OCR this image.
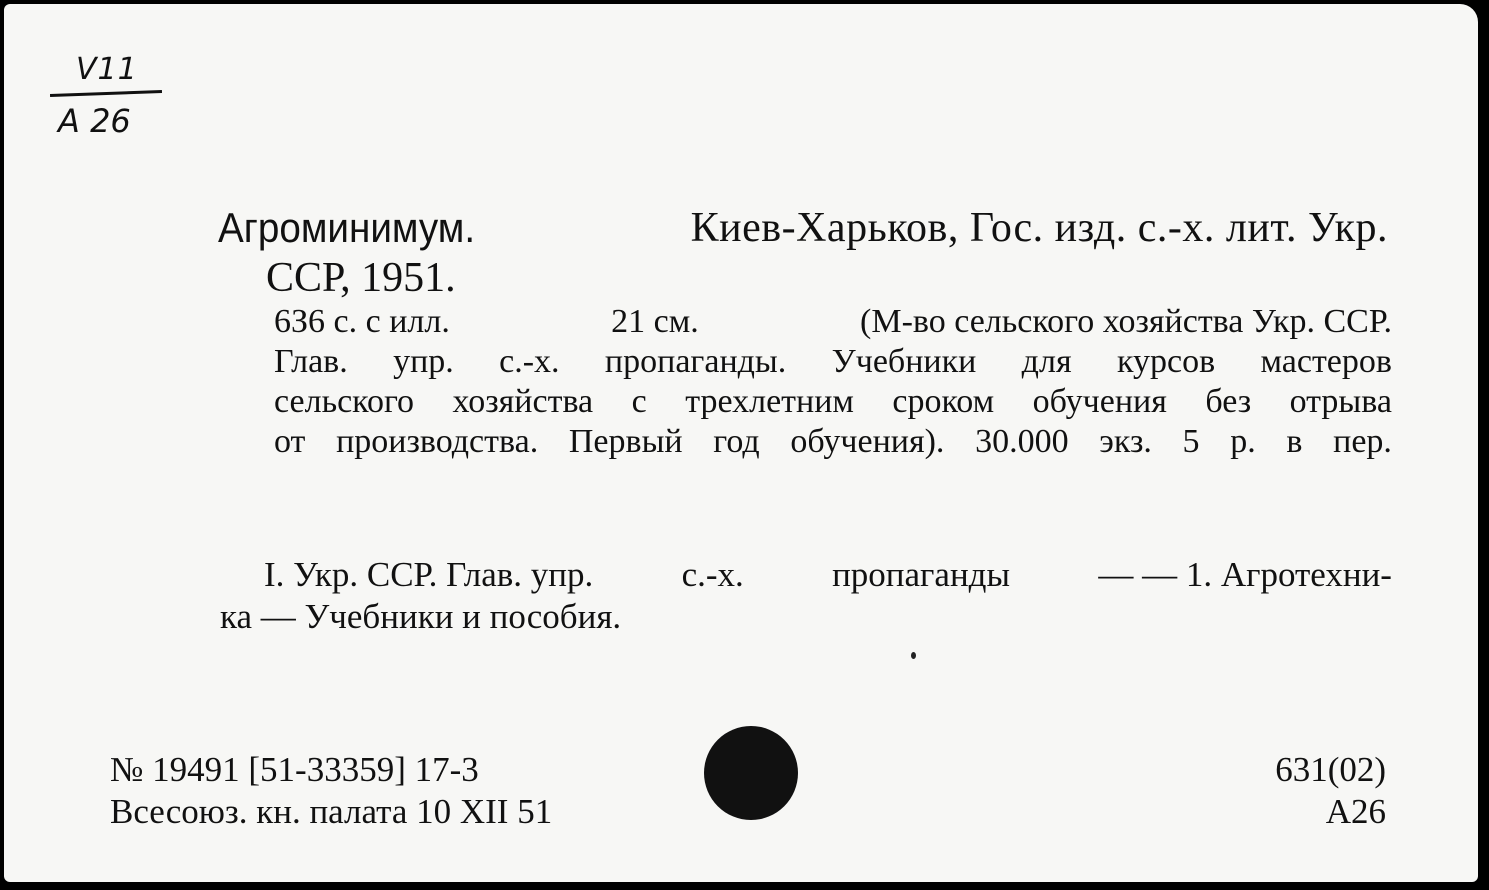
V11
A 26
Агроминимум.	Киев-Харьков, Гос. изд. с.-х. лит. Укр.
ССР, 1951.
6З6 с. с илл.	21 см.	(М-во сельского хозяйства Укр. ССР.
Глав. упр. с.-х. пропаганды. Учебники для курсов мастеров
сельского хозяйства с трехлетним сроком обучения без отрыва
от производства. Первый год обучения). 30.000 экз. 5 р. в пер.
I. Укр. ССР. Глав. упр.	с.-х.	пропаганды	— — 1. Агротехни-
ка — Учебники и пособия.
№ 19491 [51-33359] 17-3
Всесоюз. кн. палата 10 XII 51
631(02)
А26
